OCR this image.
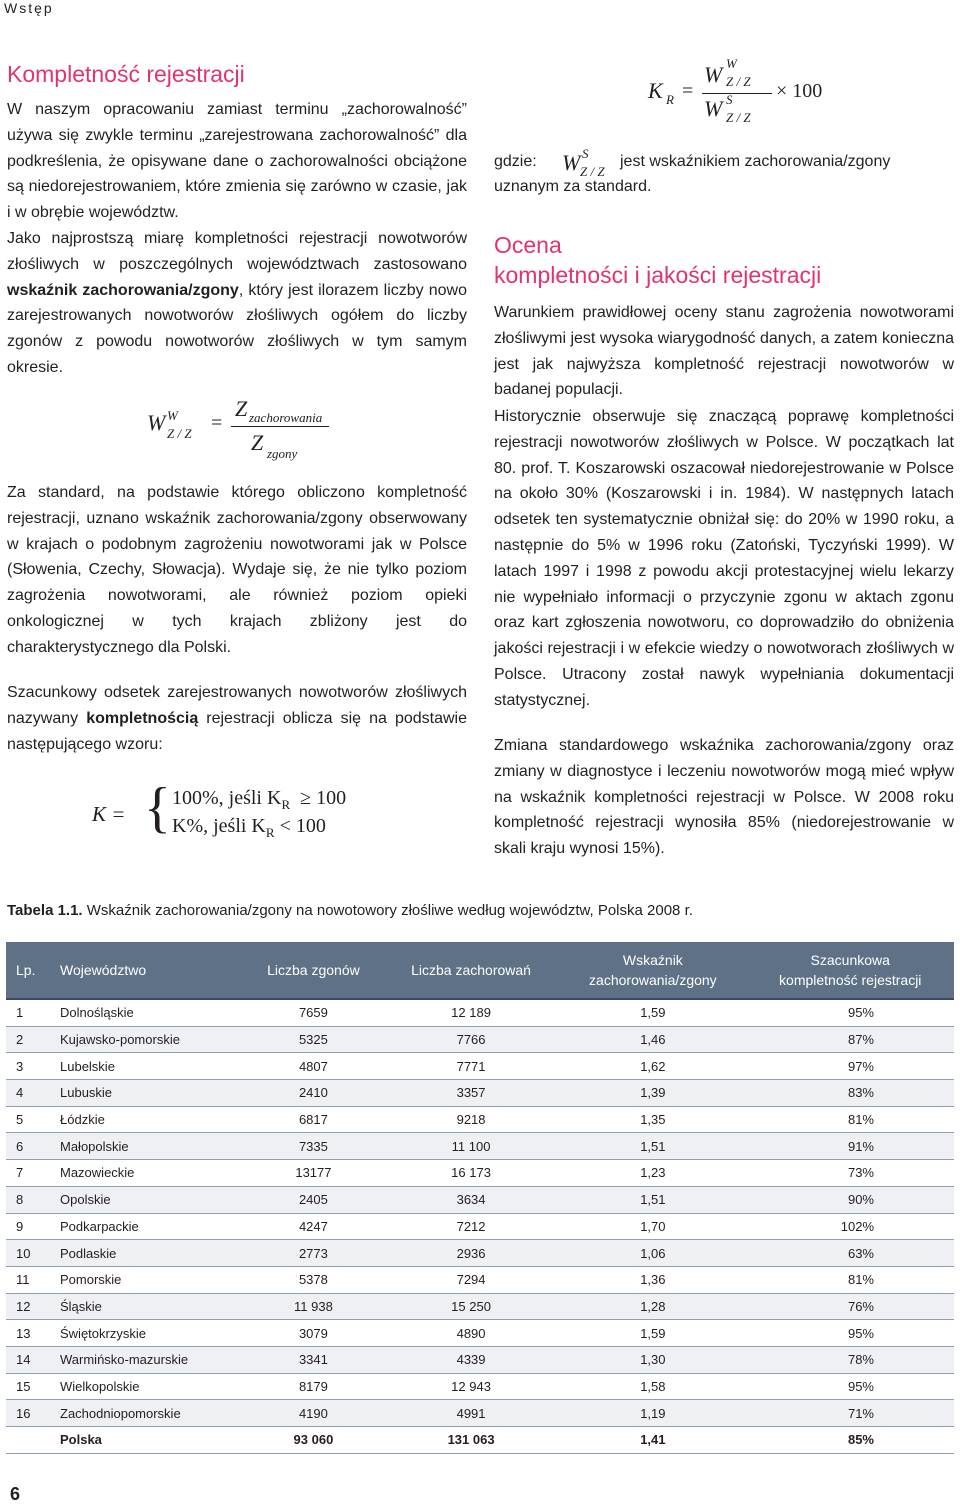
Wstęp
Kompletność rejestracji

W naszym opracowaniu zamiast terminu „zachorowalność” używa się zwykle terminu „zarejestrowana zachorowalność” dla podkreślenia, że opisywane dane o zachorowalności obciążone są niedorejestrowaniem, które zmienia się zarówno w czasie, jak i w obrębie województw.

Jako najprostszą miarę kompletności rejestracji nowotworów złośliwych w poszczególnych województwach zastosowano wskaźnik zachorowania/zgony, który jest ilorazem liczby nowo zarejestrowanych nowotworów złośliwych ogółem do liczby zgonów z powodu nowotworów złośliwych w tym samym okresie.

W W
Z / Z =
Z zachorowania
Z zgony

Za standard, na podstawie którego obliczono kompletność rejestracji, uznano wskaźnik zachorowania/zgony obserwowany w krajach o podobnym zagrożeniu nowotworami jak w Polsce (Słowenia, Czechy, Słowacja). Wydaje się, że nie tylko poziom zagrożenia nowotworami, ale również poziom opieki onkologicznej w tych krajach zbliżony jest do charakterystycznego dla Polski.

Szacunkowy odsetek zarejestrowanych nowotworów złośliwych nazywany kompletnością rejestracji oblicza się na podstawie następującego wzoru:

K = { 100%, jeśli $K_R \ge 100$
K%, jeśli $K_R < 100$
K R =
W W
Z / Z
W S
Z / Z
× 100
gdzie: W S
Z / Z
jest wskaźnikiem zachorowania/zgony
uznanym za standard.
Ocena
kompletności i jakości rejestracji

Warunkiem prawidłowej oceny stanu zagrożenia nowotworami złośliwymi jest wysoka wiarygodność danych, a zatem konieczna jest jak najwyższa kompletność rejestracji nowotworów w badanej populacji.

Historycznie obserwuje się znaczącą poprawę kompletności rejestracji nowotworów złośliwych w Polsce. W początkach lat 80. prof. T. Koszarowski oszacował niedorejestrowanie w Polsce na około 30% (Koszarowski i in. 1984). W następnych latach odsetek ten systematycznie obniżał się: do 20% w 1990 roku, a następnie do 5% w 1996 roku (Zatoński, Tyczyński 1999). W latach 1997 i 1998 z powodu akcji protestacyjnej wielu lekarzy nie wypełniało informacji o przyczynie zgonu w aktach zgonu oraz kart zgłoszenia nowotworu, co doprowadziło do obniżenia jakości rejestracji i w efekcie wiedzy o nowotworach złośliwych w Polsce. Utracony został nawyk wypełniania dokumentacji statystycznej.

Zmiana standardowego wskaźnika zachorowania/zgony oraz zmiany w diagnostyce i leczeniu nowotworów mogą mieć wpływ na wskaźnik kompletności rejestracji w Polsce. W 2008 roku kompletność rejestracji wynosiła 85% (niedorejestrowanie w skali kraju wynosi 15%).

Tabela 1.1. Wskaźnik zachorowania/zgony na nowotowory złośliwe według województw, Polska 2008 r.
Lp.	Województwo	Liczba zgonów	Liczba zachorowań	Wskaźnik
zachorowania/zgony	Szacunkowa
kompletność rejestracji
1	Dolnośląskie	7659	12 189	1,59	95%
2	Kujawsko-pomorskie	5325	7766	1,46	87%
3	Lubelskie	4807	7771	1,62	97%
4	Lubuskie	2410	3357	1,39	83%
5	Łódzkie	6817	9218	1,35	81%
6	Małopolskie	7335	11 100	1,51	91%
7	Mazowieckie	13177	16 173	1,23	73%
8	Opolskie	2405	3634	1,51	90%
9	Podkarpackie	4247	7212	1,70	102%
10	Podlaskie	2773	2936	1,06	63%
11	Pomorskie	5378	7294	1,36	81%
12	Śląskie	11 938	15 250	1,28	76%
13	Świętokrzyskie	3079	4890	1,59	95%
14	Warmińsko-mazurskie	3341	4339	1,30	78%
15	Wielkopolskie	8179	12 943	1,58	95%
16	Zachodniopomorskie	4190	4991	1,19	71%
	Polska	93 060	131 063	1,41	85%
6
